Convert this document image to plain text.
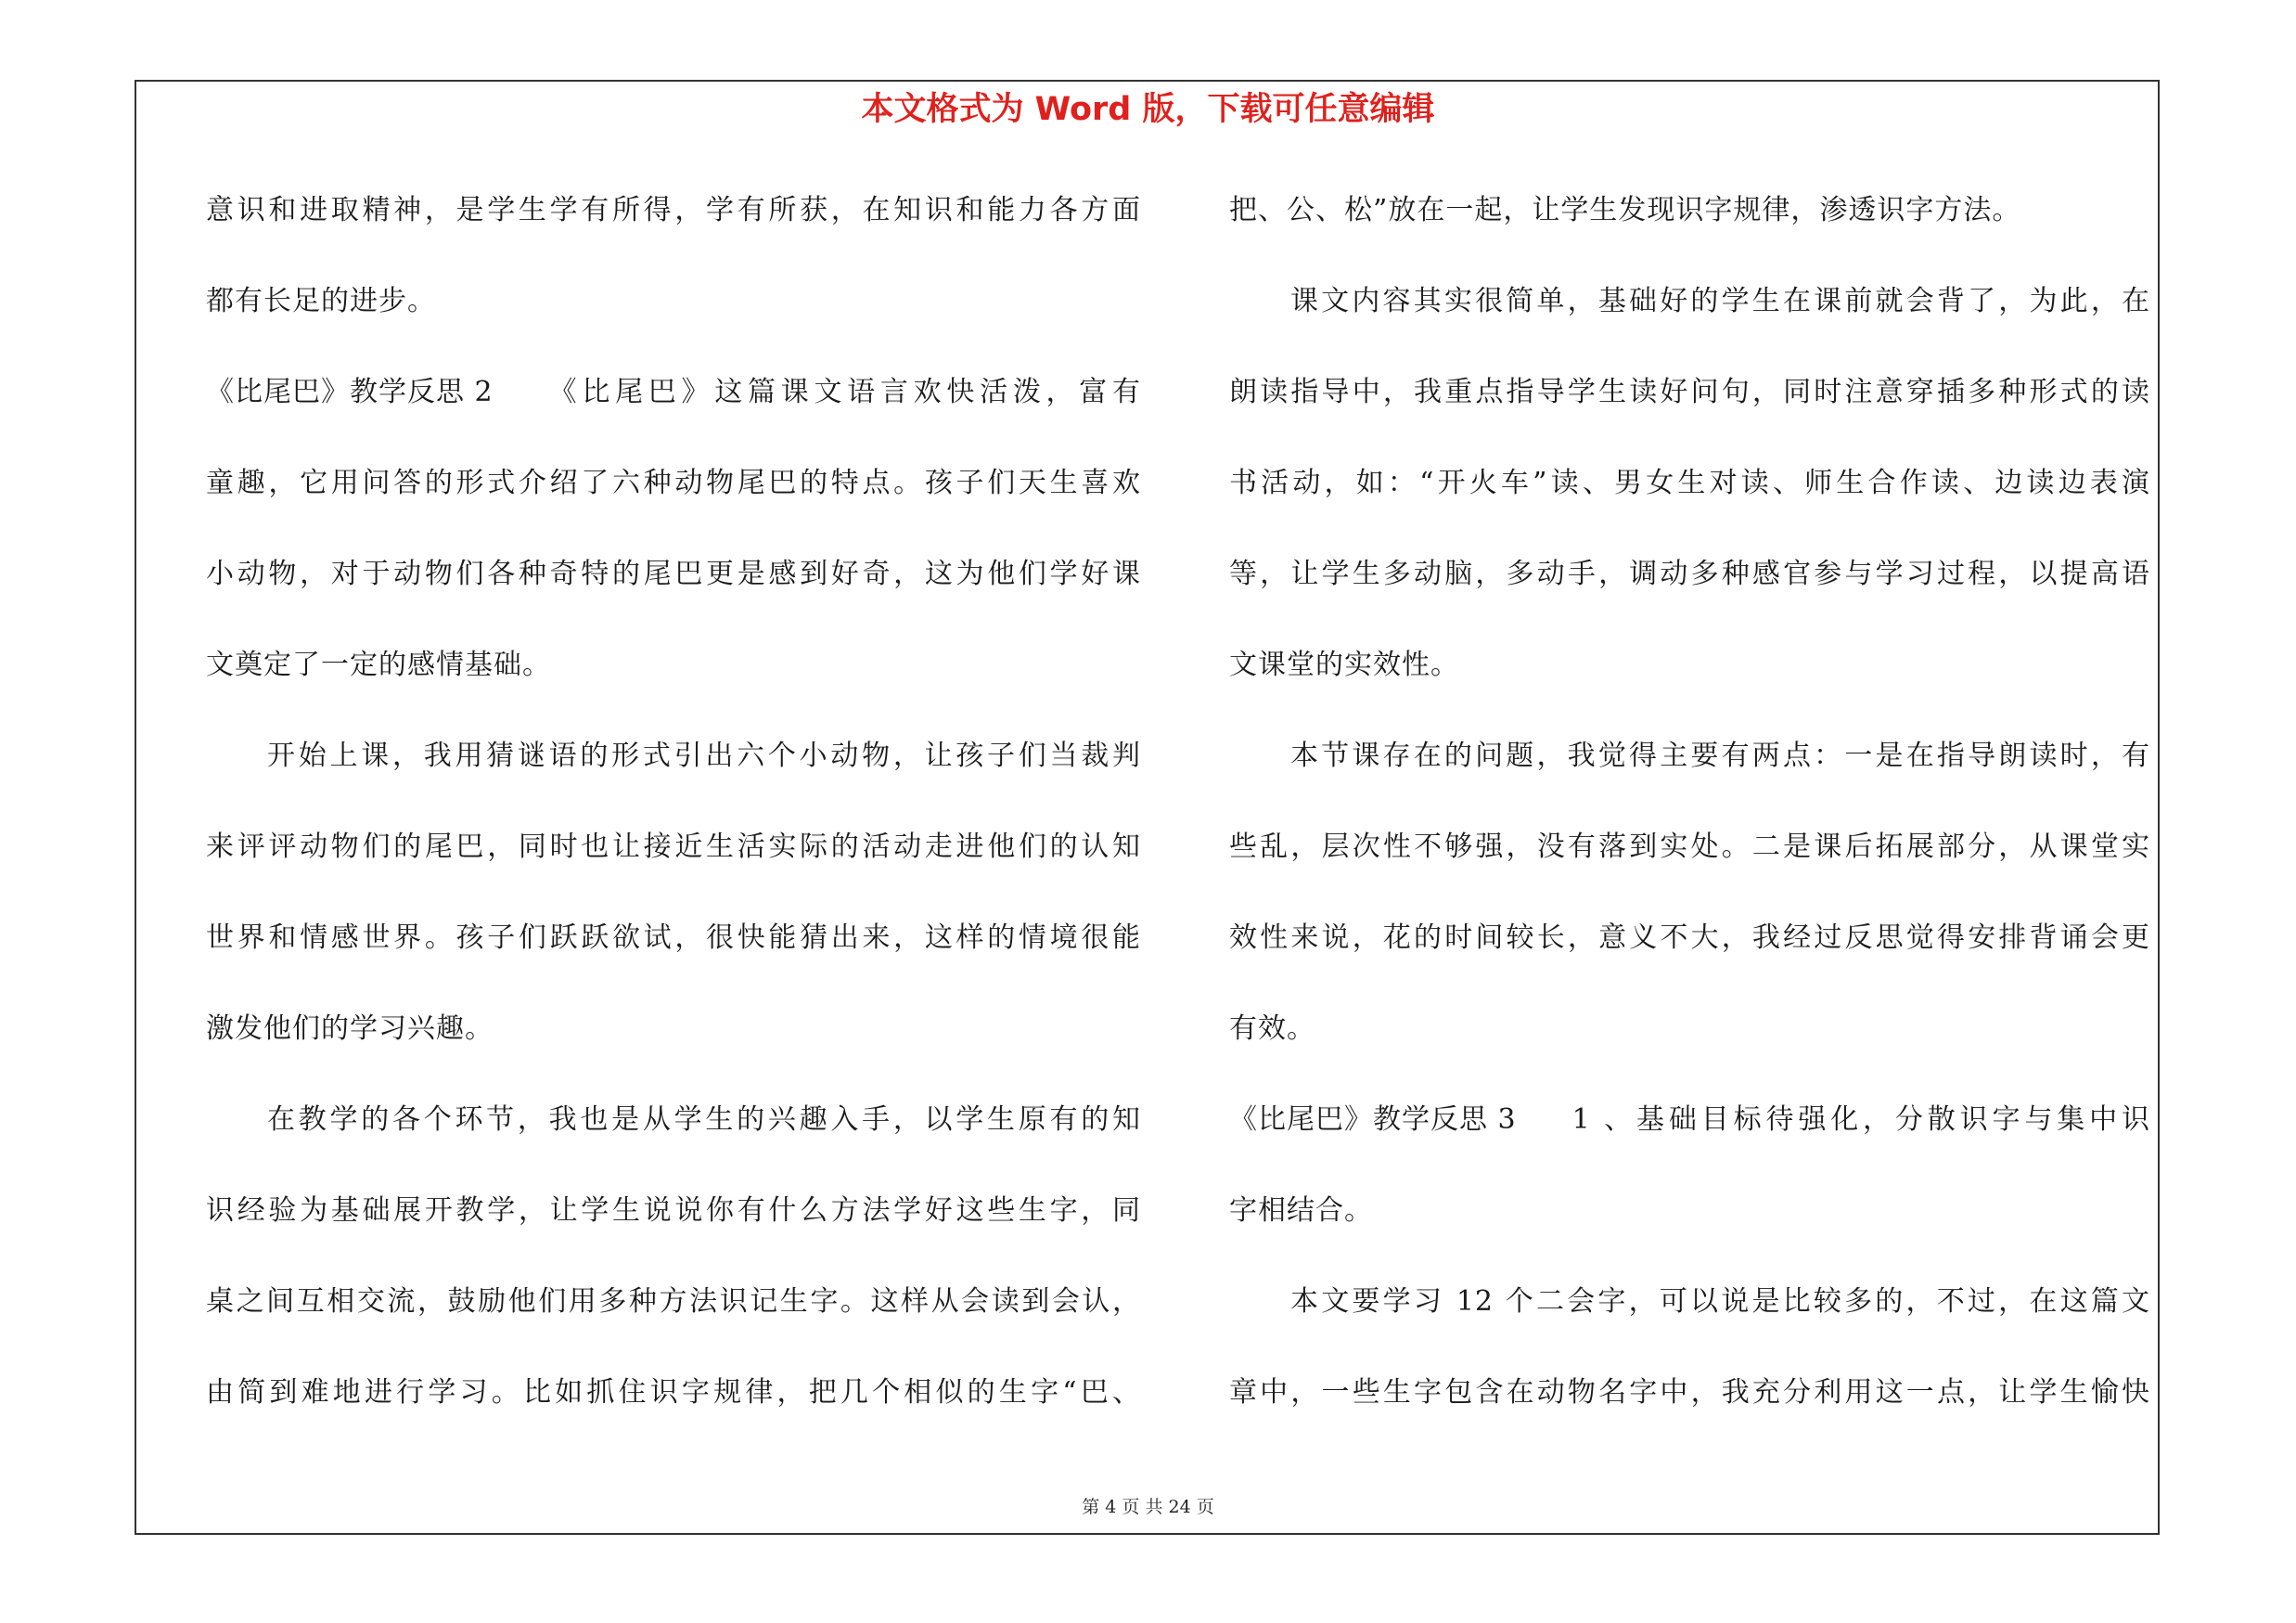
本文格式为 Word 版，下载可任意编辑
意识和进取精神，是学生学有所得，学有所获，在知识和能力各方面
都有长足的进步。
《比尾巴》教学反思 2	《比尾巴》这篇课文语言欢快活泼，富有
童趣，它用问答的形式介绍了六种动物尾巴的特点。孩子们天生喜欢
小动物，对于动物们各种奇特的尾巴更是感到好奇，这为他们学好课
文奠定了一定的感情基础。
开始上课，我用猜谜语的形式引出六个小动物，让孩子们当裁判
来评评动物们的尾巴，同时也让接近生活实际的活动走进他们的认知
世界和情感世界。孩子们跃跃欲试，很快能猜出来，这样的情境很能
激发他们的学习兴趣。
在教学的各个环节，我也是从学生的兴趣入手，以学生原有的知
识经验为基础展开教学，让学生说说你有什么方法学好这些生字，同
桌之间互相交流，鼓励他们用多种方法识记生字。这样从会读到会认，
由简到难地进行学习。比如抓住识字规律，把几个相似的生字“巴、
把、公、松”放在一起，让学生发现识字规律，渗透识字方法。
课文内容其实很简单，基础好的学生在课前就会背了，为此，在
朗读指导中，我重点指导学生读好问句，同时注意穿插多种形式的读
书活动，如：“开火车”读、男女生对读、师生合作读、边读边表演
等，让学生多动脑，多动手，调动多种感官参与学习过程，以提高语
文课堂的实效性。
本节课存在的问题，我觉得主要有两点：一是在指导朗读时，有
些乱，层次性不够强，没有落到实处。二是课后拓展部分，从课堂实
效性来说，花的时间较长，意义不大，我经过反思觉得安排背诵会更
有效。
《比尾巴》教学反思 3	1 、基础目标待强化，分散识字与集中识
字相结合。
本文要学习 12 个二会字，可以说是比较多的，不过，在这篇文
章中，一些生字包含在动物名字中，我充分利用这一点，让学生愉快
第 4 页 共 24 页
